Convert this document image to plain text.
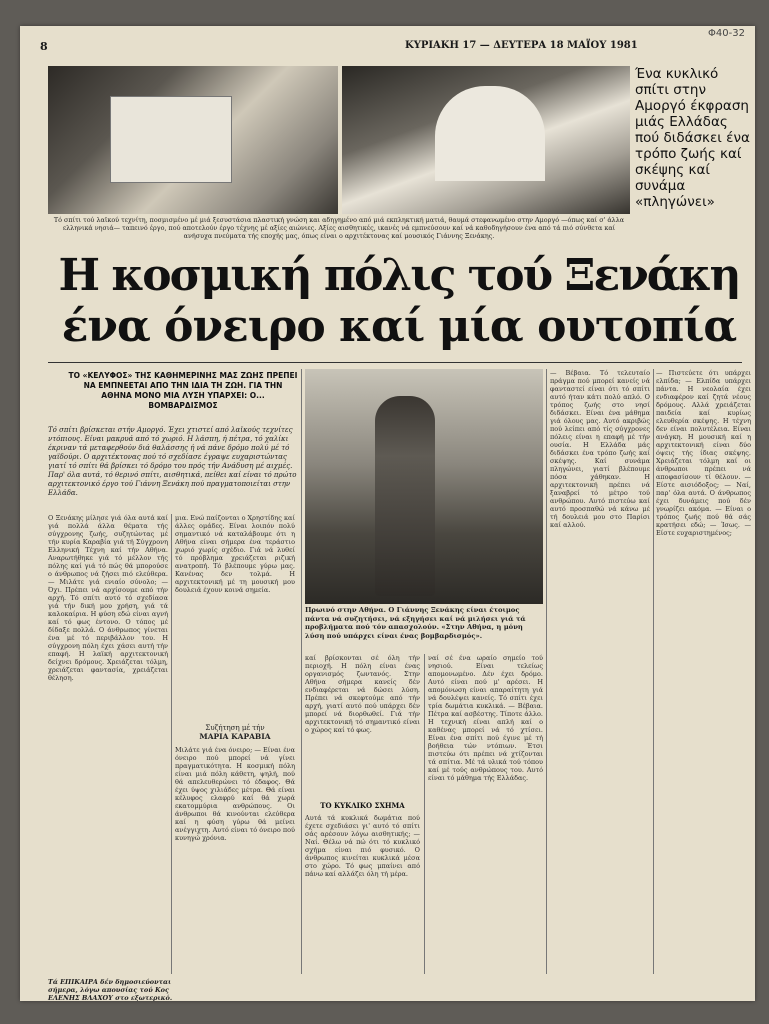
8	ΚΥΡΙΑΚΗ 17 — ΔΕΥΤΕΡΑ 18 ΜΑΪΟΥ 1981
Φ40-32
Τό σπίτι τού λαϊκού τεχνίτη, ποσμισμένο μέ μιά ξεσυστάσια πλαστική γνώση και αδηγημένο από μιά εκπληκτική ματιά, θαυμά στεφανωμένο στην Αμοργό —όπως καί σ' άλλα ελληνικά νησιά— ταπεινό έργο, πού αποτελούν έργο τέχνης μέ αξίες αιώνιες. Αξίες αισθητικές, ικανές νά εμπνεύσουν καί νά καθοδηγήσουν ένα από τά πιό σύνθετα καί ανήσυχα πνεύματα τής εποχής μας, όπως είναι ο αρχιτέκτονας καί μουσικός Γιάννης Ξενάκης.
Ένα κυκλικό σπίτι στην Αμοργό έκφραση μιάς Ελλάδας πού διδάσκει ένα τρόπο ζωής καί σκέψης καί συνάμα «πληγώνει»
Η κοσμική πόλις τού Ξενάκη
ένα όνειρο καί μία ουτοπία
ΤΟ «ΚΕΛΥΦΟΣ» ΤΗΣ ΚΑΘΗΜΕΡΙΝΗΣ ΜΑΣ ΖΩΗΣ ΠΡΕΠΕΙ ΝΑ ΕΜΠΝΕΕΤΑΙ ΑΠΟ ΤΗΝ ΙΔΙΑ ΤΗ ΖΩΗ. ΓΙΑ ΤΗΝ ΑΘΗΝΑ ΜΟΝΟ ΜΙΑ ΛΥΣΗ ΥΠΑΡΧΕΙ: Ο... ΒΟΜΒΑΡΔΙΣΜΟΣ
Τό σπίτι βρίσκεται στήν Αμοργό. Έχει χτιστεί από λαϊκούς τεχνίτες ντόπιους. Είναι μακρυά από τό χωριό. Η λάσπη, ή πέτρα, τό χαλίκι έκριναν τά μεταφερθούν διά θαλάσσης ή νά πάνε δρόμο πολύ μέ τό γαϊδούρι. Ο αρχιτέκτονας πού τό σχεδίασε έγραψε ευχαριστώντας γιατί τό σπίτι θά βρίσκει τό δρόμο του πρός τήν Ανάδυση μέ αιχμές. Παρ' όλα αυτά, τό θερινό σπίτι, αισθητικά, πείθει καί είναι τό πρώτο αρχιτεκτονικό έργο τού Γιάννη Ξενάκη πού πραγματοποιείται στην Ελλάδα.
Ο Ξενάκης μίλησε γιά όλα αυτά καί γιά πολλά άλλα θέματα τής σύγχρονης ζωής, συζητώντας μέ τήν κυρία Καραβία γιά τή Σύγχρονη Ελληνική Τέχνη καί τήν Αθήνα. Αναρωτήθηκε γιά τό μέλλον τής πόλης καί γιά τό πώς θά μπορούσε ο άνθρωπος νά ζήσει πιό ελεύθερα. — Μιλάτε γιά ενιαίο σύνολο; — Όχι. Πρέπει νά αρχίσουμε από τήν αρχή. Τό σπίτι αυτό τό σχεδίασα γιά τήν δική μου χρήση, γιά τά καλοκαίρια. Η φύση εδώ είναι αγνή καί τό φως έντονο. Ο τόπος μέ δίδαξε πολλά. Ο άνθρωπος γίνεται ένα μέ τό περιβάλλον του. Η σύγχρονη πόλη έχει χάσει αυτή τήν επαφή. Η λαϊκή αρχιτεκτονική δείχνει δρόμους. Χρειάζεται τόλμη, χρειάζεται φαντασία, χρειάζεται θέληση.
μια. Ενώ παίζονται ο Χρηστίδης καί άλλες ομάδες. Είναι λοιπόν πολύ σημαντικό νά καταλάβουμε ότι η Αθήνα είναι σήμερα ένα τεράστιο χωριό χωρίς σχέδιο. Γιά νά λυθεί τό πρόβλημα χρειάζεται ριζική ανατροπή. Τό βλέπουμε γύρω μας. Κανένας δεν τολμά. Η αρχιτεκτονική μέ τη μουσική μου δουλειά έχουν κοινά σημεία.
Συζήτηση μέ τήν
ΜΑΡΙΑ ΚΑΡΑΒΙΑ
Μιλάτε γιά ένα όνειρο; — Είναι ένα όνειρο πού μπορεί νά γίνει πραγματικότητα. Η κοσμική πόλη είναι μιά πόλη κάθετη, ψηλή, πού θά απελευθερώνει τό έδαφος. Θά έχει ύψος χιλιάδες μέτρα. Θά είναι κέλυφος ελαφρύ καί θά χωρά εκατομμύρια ανθρώπους. Οι άνθρωποι θά κινούνται ελεύθερα καί η φύση γύρω θά μείνει ανέγγιχτη. Αυτό είναι τό όνειρο πού κυνηγώ χρόνια.
Πρωινό στην Αθήνα. Ο Γιάννης Ξενάκης είναι έτοιμος πάντα νά συζητήσει, νά εξηγήσει καί νά μιλήσει γιά τά προβλήματα πού τόν απασχολούν. «Στην Αθήνα, η μόνη λύση πού υπάρχει είναι ένας βομβαρδισμός».
καί βρίσκονται σέ όλη τήν περιοχή. Η πόλη είναι ένας οργανισμός ζωντανός. Στην Αθήνα σήμερα κανείς δέν ενδιαφέρεται νά δώσει λύση. Πρέπει νά σκεφτούμε από τήν αρχή, γιατί αυτό πού υπάρχει δέν μπορεί νά διορθωθεί. Γιά τήν αρχιτεκτονική τό σημαντικό είναι ο χώρος καί τό φως.
ΤΟ ΚΥΚΛΙΚΟ ΣΧΗΜΑ
Αυτά τά κυκλικά δωμάτια πού έχετε σχεδιάσει γι' αυτό τό σπίτι σάς αρέσουν λόγω αισθητικής; — Ναί. Θέλω νά πώ ότι τό κυκλικό σχήμα είναι πιό φυσικό. Ο άνθρωπος κινείται κυκλικά μέσα στο χώρο. Τό φως μπαίνει από πάνω καί αλλάζει όλη τή μέρα.
ναί σέ ένα ωραίο σημείο τού νησιού. Είναι τελείως απομονωμένο. Δέν έχει δρόμο. Αυτό είναι πού μ' αρέσει. Η απομόνωση είναι απαραίτητη γιά νά δουλέψει κανείς. Τό σπίτι έχει τρία δωμάτια κυκλικά. — Βέβαια. Πέτρα καί ασβέστης. Τίποτε άλλο. Η τεχνική είναι απλή καί ο καθένας μπορεί νά τό χτίσει. Είναι ένα σπίτι πού έγινε μέ τή βοήθεια τών ντόπιων. Έτσι πιστεύω ότι πρέπει νά χτίζονται τά σπίτια. Μέ τά υλικά τού τόπου καί μέ τούς ανθρώπους του. Αυτό είναι τό μάθημα τής Ελλάδας.
— Βέβαια. Τό τελευταίο πράγμα πού μπορεί κανείς νά φανταστεί είναι ότι τό σπίτι αυτό ήταν κάτι πολύ απλό. Ο τρόπος ζωής στο νησί διδάσκει. Είναι ένα μάθημα γιά όλους μας. Αυτό ακριβώς πού λείπει από τίς σύγχρονες πόλεις είναι η επαφή μέ τήν ουσία. Η Ελλάδα μάς διδάσκει ένα τρόπο ζωής καί σκέψης. Καί συνάμα πληγώνει, γιατί βλέπουμε πόσα χάθηκαν. Η αρχιτεκτονική πρέπει νά ξαναβρεί τό μέτρο τού ανθρώπου. Αυτό πιστεύω καί αυτό προσπαθώ νά κάνω μέ τή δουλειά μου στο Παρίσι καί αλλού.
— Πιστεύετε ότι υπάρχει ελπίδα; — Ελπίδα υπάρχει πάντα. Η νεολαία έχει ενδιαφέρον καί ζητά νέους δρόμους. Αλλά χρειάζεται παιδεία καί κυρίως ελευθερία σκέψης. Η τέχνη δεν είναι πολυτέλεια. Είναι ανάγκη. Η μουσική καί η αρχιτεκτονική είναι δύο όψεις τής ίδιας σκέψης. Χρειάζεται τόλμη καί οι άνθρωποι πρέπει νά αποφασίσουν τί θέλουν. — Είστε αισιόδοξος; — Ναί, παρ' όλα αυτά. Ο άνθρωπος έχει δυνάμεις πού δέν γνωρίζει ακόμα. — Είναι ο τρόπος ζωής πού θά σάς κρατήσει εδώ; — Ίσως. — Είστε ευχαριστημένος;
Τά ΕΠΙΚΑΙΡΑ δέν δημοσιεύονται σήμερα, λόγω απουσίας τού Κος ΕΛΕΝΗΣ ΒΛΑΧΟΥ στο εξωτερικό.
